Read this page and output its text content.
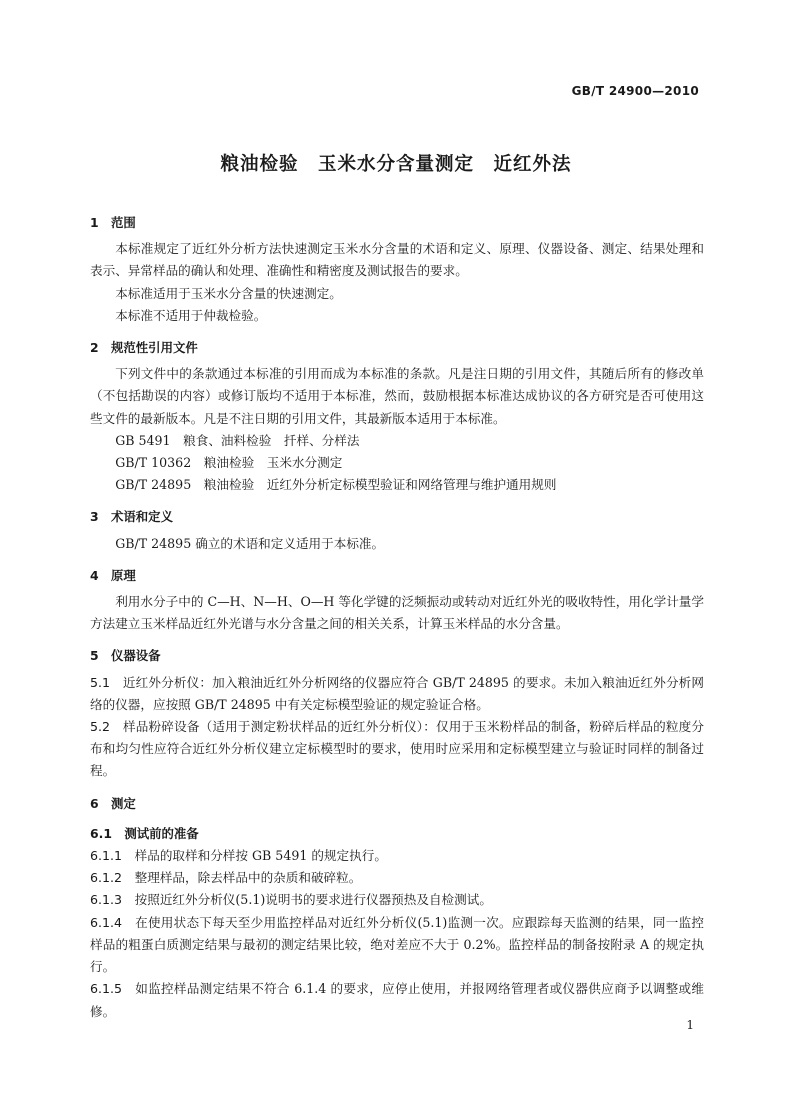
GB/T 24900—2010
粮油检验　玉米水分含量测定　近红外法
1　范围
本标准规定了近红外分析方法快速测定玉米水分含量的术语和定义、原理、仪器设备、测定、结果处理和表示、异常样品的确认和处理、准确性和精密度及测试报告的要求。
本标准适用于玉米水分含量的快速测定。
本标准不适用于仲裁检验。
2　规范性引用文件
下列文件中的条款通过本标准的引用而成为本标准的条款。凡是注日期的引用文件，其随后所有的修改单（不包括勘误的内容）或修订版均不适用于本标准，然而，鼓励根据本标准达成协议的各方研究是否可使用这些文件的最新版本。凡是不注日期的引用文件，其最新版本适用于本标准。
GB 5491　粮食、油料检验　扦样、分样法
GB/T 10362　粮油检验　玉米水分测定
GB/T 24895　粮油检验　近红外分析定标模型验证和网络管理与维护通用规则
3　术语和定义
GB/T 24895 确立的术语和定义适用于本标准。
4　原理
利用水分子中的 C—H、N—H、O—H 等化学键的泛频振动或转动对近红外光的吸收特性，用化学计量学方法建立玉米样品近红外光谱与水分含量之间的相关关系，计算玉米样品的水分含量。
5　仪器设备
5.1　近红外分析仪：加入粮油近红外分析网络的仪器应符合 GB/T 24895 的要求。未加入粮油近红外分析网络的仪器，应按照 GB/T 24895 中有关定标模型验证的规定验证合格。
5.2　样品粉碎设备（适用于测定粉状样品的近红外分析仪）：仅用于玉米粉样品的制备，粉碎后样品的粒度分布和均匀性应符合近红外分析仪建立定标模型时的要求，使用时应采用和定标模型建立与验证时同样的制备过程。
6　测定
6.1　测试前的准备
6.1.1　样品的取样和分样按 GB 5491 的规定执行。
6.1.2　整理样品，除去样品中的杂质和破碎粒。
6.1.3　按照近红外分析仪(5.1)说明书的要求进行仪器预热及自检测试。
6.1.4　在使用状态下每天至少用监控样品对近红外分析仪(5.1)监测一次。应跟踪每天监测的结果，同一监控样品的粗蛋白质测定结果与最初的测定结果比较，绝对差应不大于 0.2%。监控样品的制备按附录 A 的规定执行。
6.1.5　如监控样品测定结果不符合 6.1.4 的要求，应停止使用，并报网络管理者或仪器供应商予以调整或维修。
1
